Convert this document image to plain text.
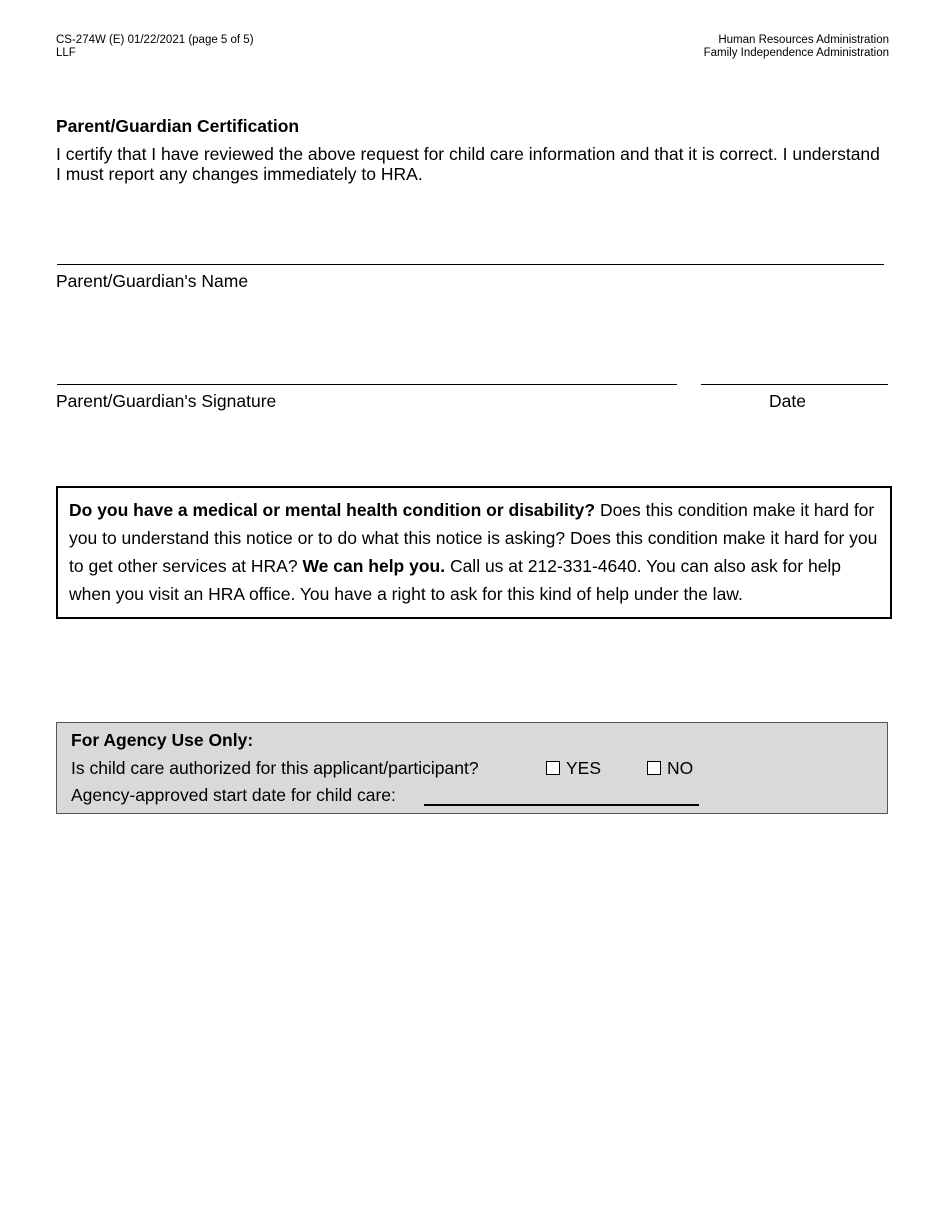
CS-274W (E) 01/22/2021 (page 5 of 5)
LLF
Human Resources Administration
Family Independence Administration
Parent/Guardian Certification
I certify that I have reviewed the above request for child care information and that it is correct. I understand I must report any changes immediately to HRA.
Parent/Guardian's Name
Parent/Guardian's Signature	Date
Do you have a medical or mental health condition or disability? Does this condition make it hard for you to understand this notice or to do what this notice is asking? Does this condition make it hard for you to get other services at HRA? We can help you. Call us at 212-331-4640. You can also ask for help when you visit an HRA office. You have a right to ask for this kind of help under the law.
For Agency Use Only:
Is child care authorized for this applicant/participant?	YES	NO
Agency-approved start date for child care:
